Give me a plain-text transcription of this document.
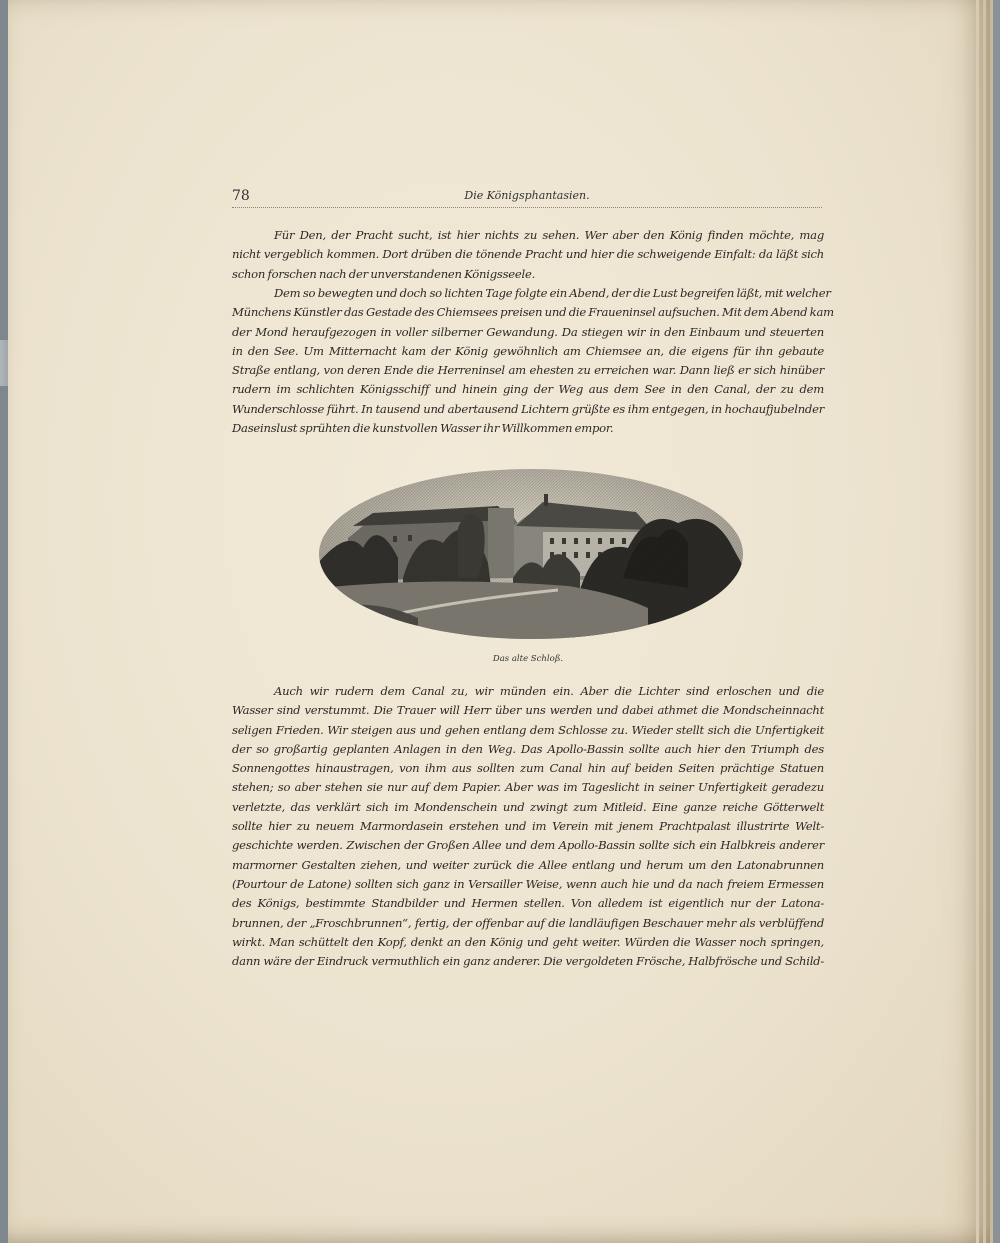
78	Die Königsphantasien.
Für Den, der Pracht sucht, ist hier nichts zu sehen. Wer aber den König finden möchte, mag
nicht vergeblich kommen. Dort drüben die tönende Pracht und hier die schweigende Einfalt: da läßt sich
schon forschen nach der unverstandenen Königsseele.
Dem so bewegten und doch so lichten Tage folgte ein Abend, der die Lust begreifen läßt, mit welcher
Münchens Künstler das Gestade des Chiemsees preisen und die Fraueninsel aufsuchen. Mit dem Abend kam
der Mond heraufgezogen in voller silberner Gewandung. Da stiegen wir in den Einbaum und steuerten
in den See. Um Mitternacht kam der König gewöhnlich am Chiemsee an, die eigens für ihn gebaute
Straße entlang, von deren Ende die Herreninsel am ehesten zu erreichen war. Dann ließ er sich hinüber
rudern im schlichten Königsschiff und hinein ging der Weg aus dem See in den Canal, der zu dem
Wunderschlosse führt. In tausend und abertausend Lichtern grüßte es ihm entgegen, in hochaufjubelnder
Daseinslust sprühten die kunstvollen Wasser ihr Willkommen empor.
Das alte Schloß.
Auch wir rudern dem Canal zu, wir münden ein. Aber die Lichter sind erloschen und die
Wasser sind verstummt. Die Trauer will Herr über uns werden und dabei athmet die Mondscheinnacht
seligen Frieden. Wir steigen aus und gehen entlang dem Schlosse zu. Wieder stellt sich die Unfertigkeit
der so großartig geplanten Anlagen in den Weg. Das Apollo-Bassin sollte auch hier den Triumph des
Sonnengottes hinaustragen, von ihm aus sollten zum Canal hin auf beiden Seiten prächtige Statuen
stehen; so aber stehen sie nur auf dem Papier. Aber was im Tageslicht in seiner Unfertigkeit geradezu
verletzte, das verklärt sich im Mondenschein und zwingt zum Mitleid. Eine ganze reiche Götterwelt
sollte hier zu neuem Marmordasein erstehen und im Verein mit jenem Prachtpalast illustrirte Welt-
geschichte werden. Zwischen der Großen Allee und dem Apollo-Bassin sollte sich ein Halbkreis anderer
marmorner Gestalten ziehen, und weiter zurück die Allee entlang und herum um den Latonabrunnen
(Pourtour de Latone) sollten sich ganz in Versailler Weise, wenn auch hie und da nach freiem Ermessen
des Königs, bestimmte Standbilder und Hermen stellen. Von alledem ist eigentlich nur der Latona-
brunnen, der „Froschbrunnen“, fertig, der offenbar auf die landläufigen Beschauer mehr als verblüffend
wirkt. Man schüttelt den Kopf, denkt an den König und geht weiter. Würden die Wasser noch springen,
dann wäre der Eindruck vermuthlich ein ganz anderer. Die vergoldeten Frösche, Halbfrösche und Schild-
